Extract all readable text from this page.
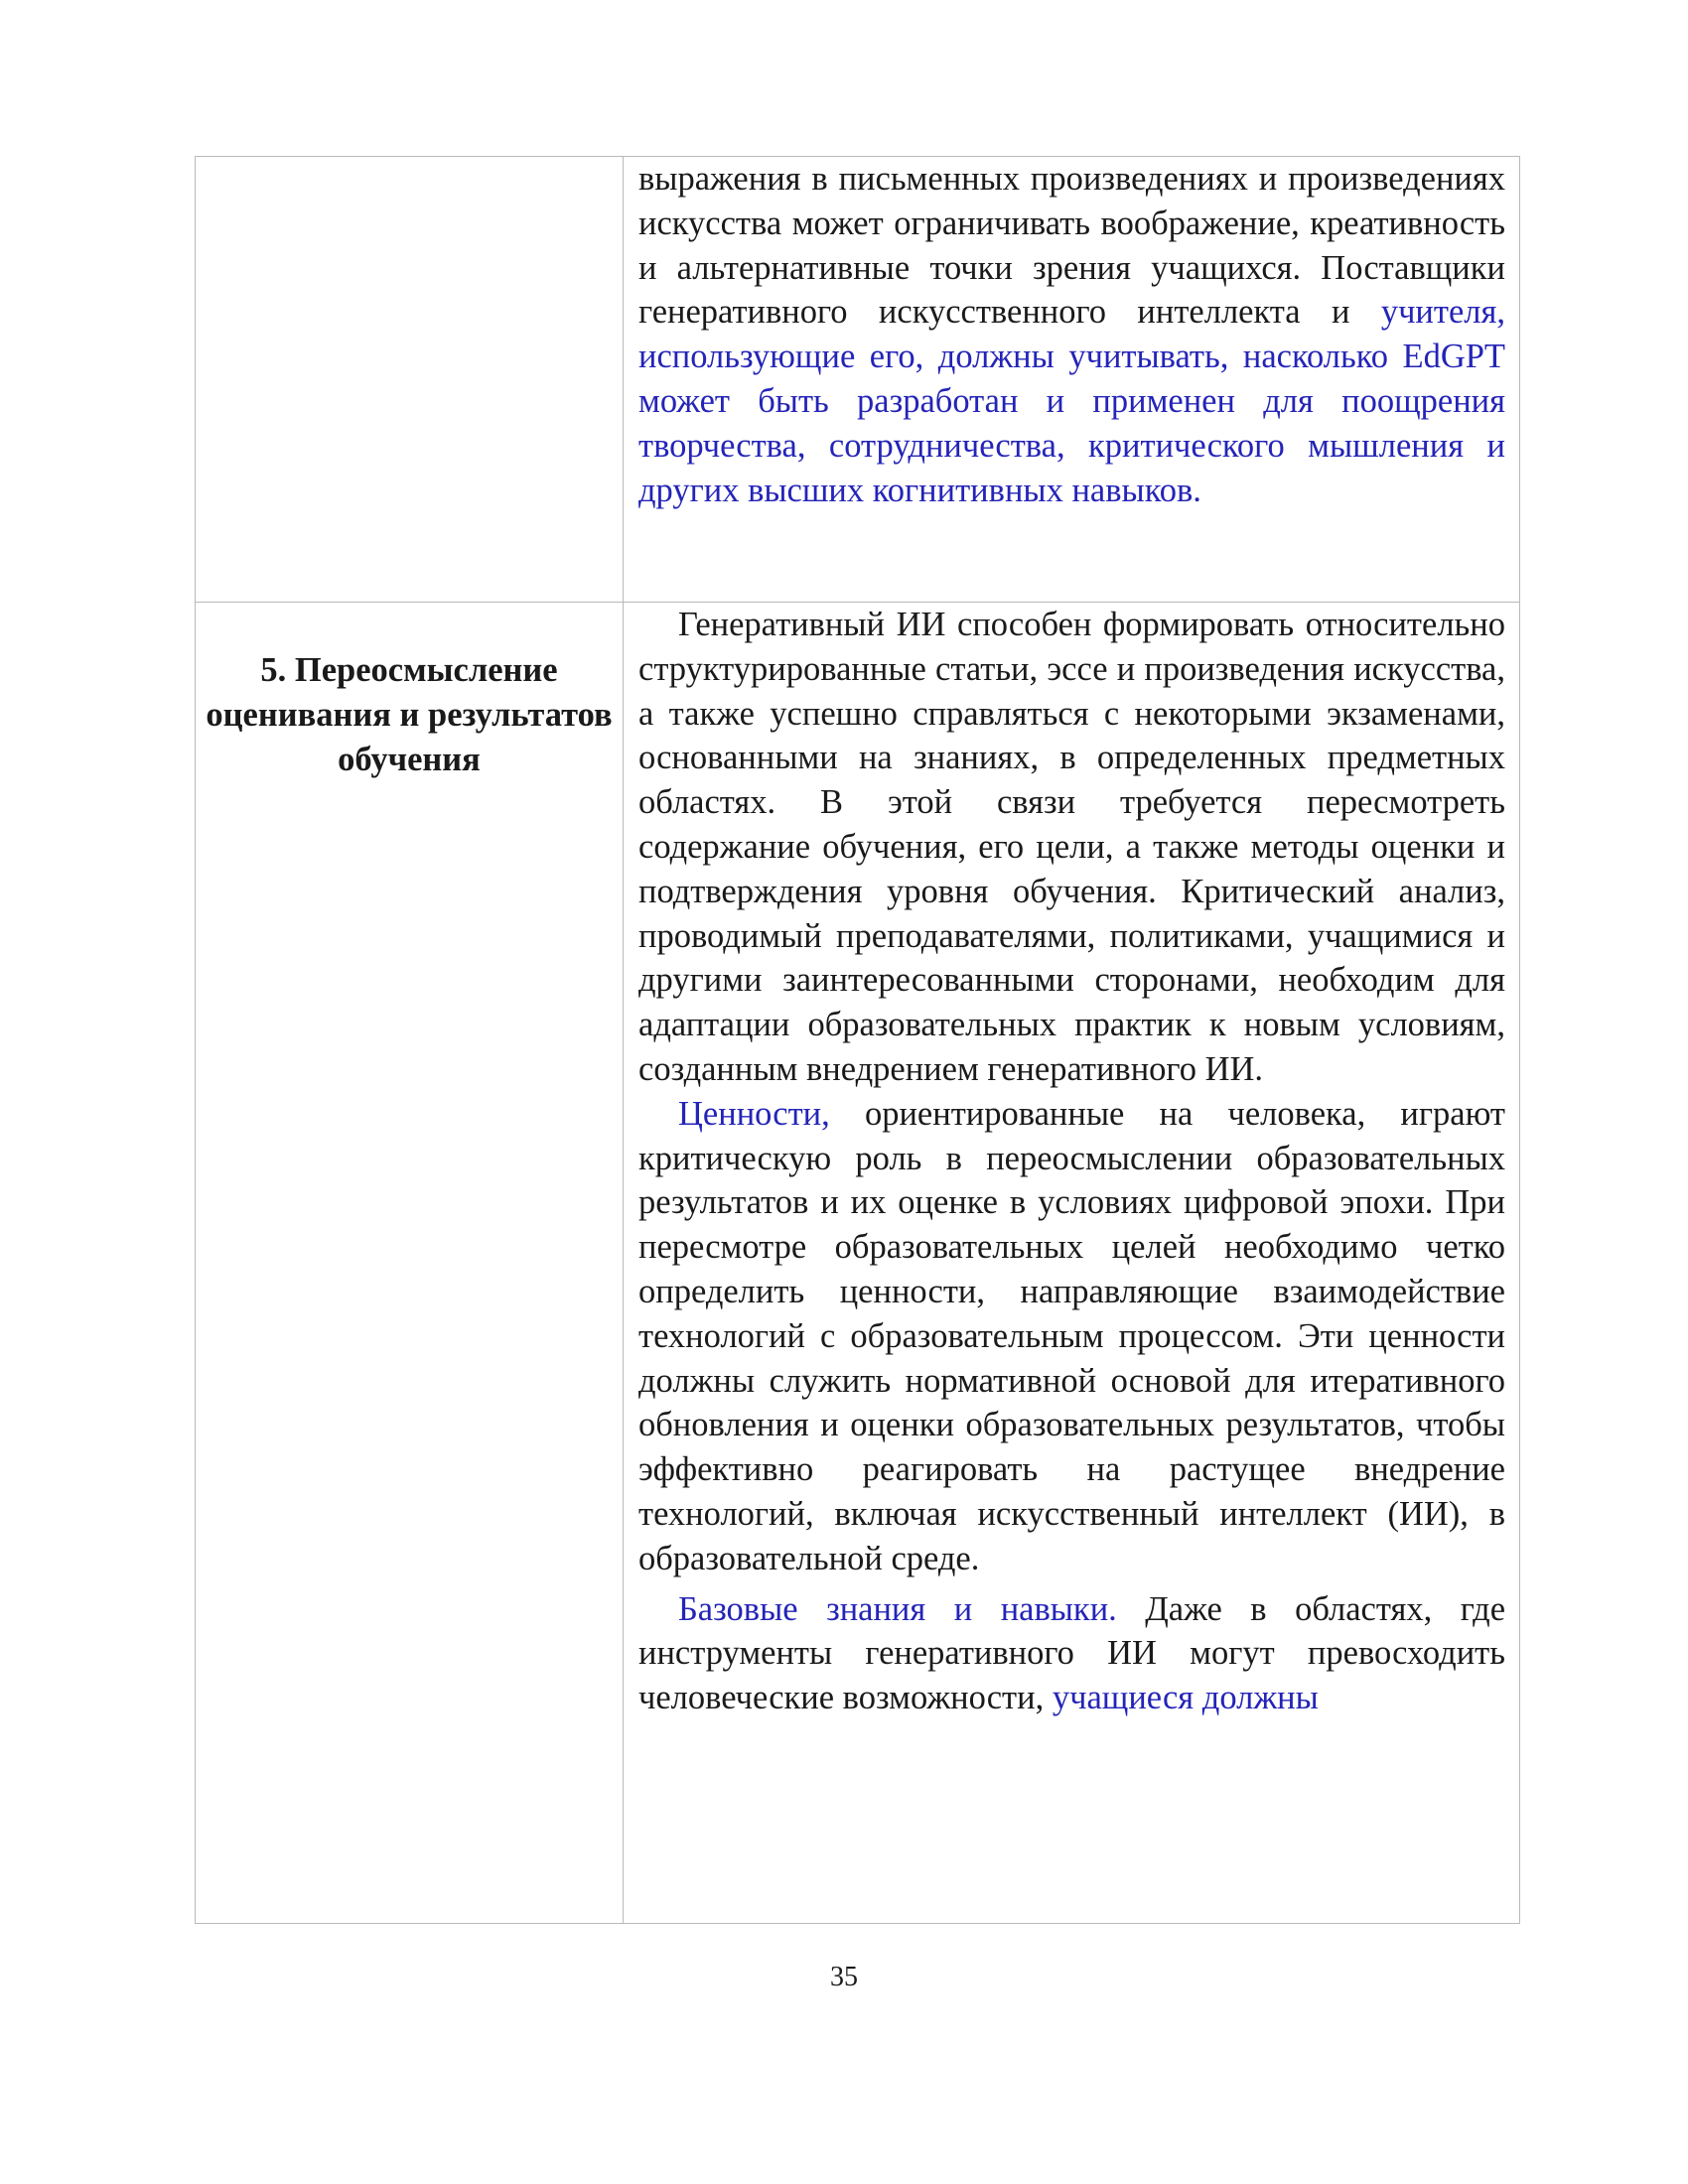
	выражения в письменных произведениях и произведениях искусства может ограничивать воображение, креативность и альтернативные точки зрения учащихся. Поставщики генеративного искусственного интеллекта и учителя, использующие его, должны учитывать, насколько EdGPT может быть разработан и применен для поощрения творчества, сотрудничества, критического мышления и других высших когнитивных навыков.

5. Переосмысление оценивания и результатов обучения	Генеративный ИИ способен формировать относительно структурированные статьи, эссе и произведения искусства, а также успешно справляться с некоторыми экзаменами, основанными на знаниях, в определенных предметных областях. В этой связи требуется пересмотреть содержание обучения, его цели, а также методы оценки и подтверждения уровня обучения. Критический анализ, проводимый преподавателями, политиками, учащимися и другими заинтересованными сторонами, необходим для адаптации образовательных практик к новым условиям, созданным внедрением генеративного ИИ.

Ценности, ориентированные на человека, играют критическую роль в переосмыслении образовательных результатов и их оценке в условиях цифровой эпохи. При пересмотре образовательных целей необходимо четко определить ценности, направляющие взаимодействие технологий с образовательным процессом. Эти ценности должны служить нормативной основой для итеративного обновления и оценки образовательных результатов, чтобы эффективно реагировать на растущее внедрение технологий, включая искусственный интеллект (ИИ), в образовательной среде.

Базовые знания и навыки. Даже в областях, где инструменты генеративного ИИ могут превосходить человеческие возможности, учащиеся должны

35
